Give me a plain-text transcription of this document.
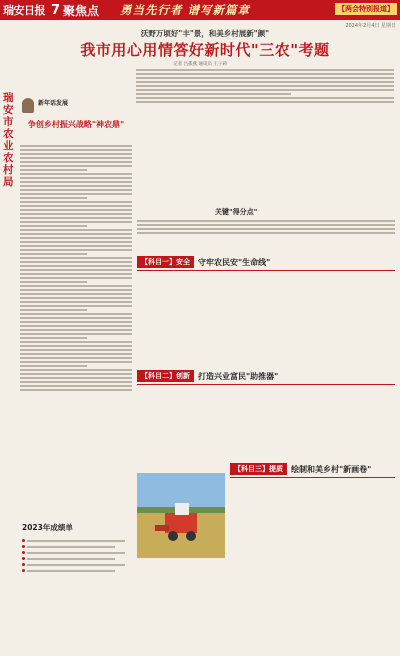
瑞安日报 7 聚焦点 勇当先行者 谱写新篇章	【两会特别报道】
2024年2月4日 星期日
瑞安市农业农村局
沃野万顷好"丰"景，和美乡村展新"颜"
我市用心用情答好新时代"三农"考题
记者 吕孤燕 通讯员 王子莉
新年话发展
争创乡村振兴战略"神农鼎"
2023年成绩单
关键"得分点"
【科目一】安全	守牢农民安"生命线"
【科目二】创新	打造兴业富民"助推器"
【科目三】提质	绘制和美乡村"新画卷"
